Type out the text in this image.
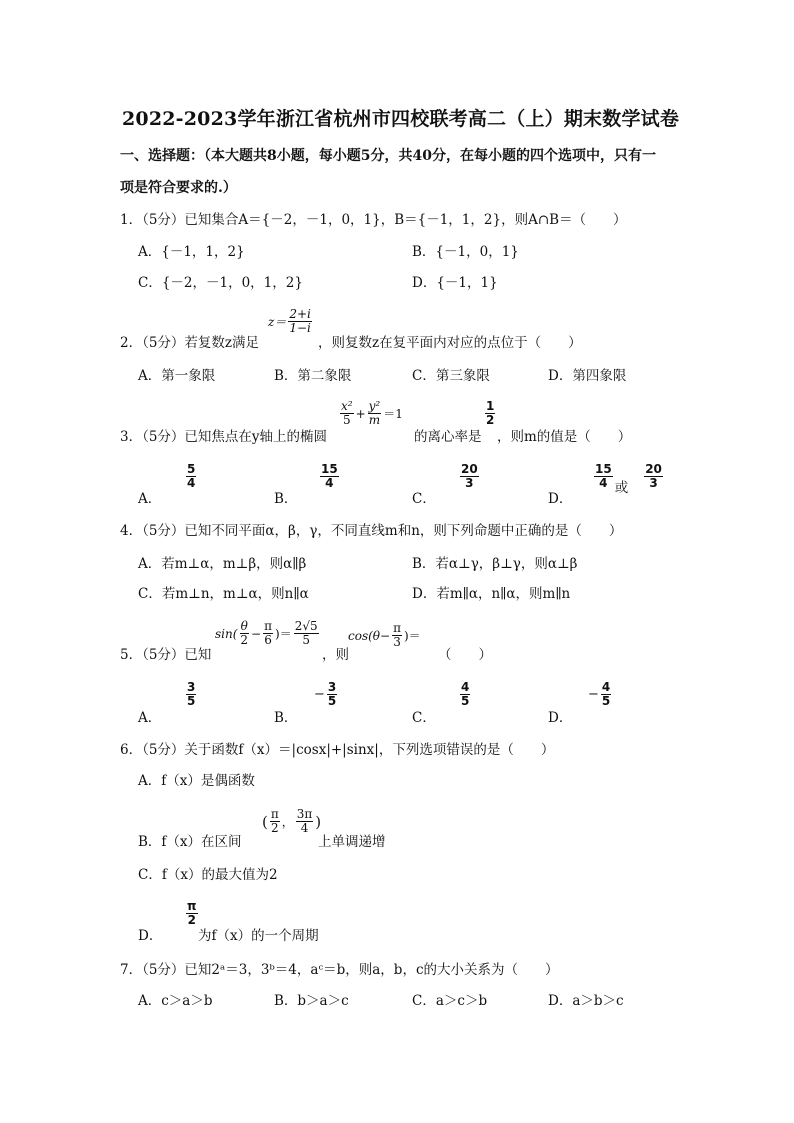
2022-2023学年浙江省杭州市四校联考高二（上）期末数学试卷
一、选择题：（本大题共8小题，每小题5分，共40分，在每小题的四个选项中，只有一
项是符合要求的.）
1．（5分）已知集合A＝{－2，－1，0，1}，B＝{－1，1，2}，则A∩B＝（　　）
A．{－1，1，2}	B．{－1，0，1}
C．{－2，－1，0，1，2}	D．{－1，1}
2．（5分）若复数z满足
$z= \frac{2+i}{1-i}$
，则复数z在复平面内对应的点位于（　　）
A．第一象限	B．第二象限	C．第三象限	D．第四象限
3．（5分）已知焦点在y轴上的椭圆
$\frac{\text{x²}}{5} + \frac{\text{y²}}{m} =1$
的离心率是
$\frac{1}{2}$
，则m的值是（　　）
A．
$\frac{5}{4}$
B．
$\frac{15}{4}$
C．
$\frac{20}{3}$
D．
$\frac{15}{4}$ 或 $\frac{20}{3}$
4．（5分）已知不同平面α，β，γ，不同直线m和n，则下列命题中正确的是（　　）
A．若m⊥α，m⊥β，则α∥β	B．若α⊥γ，β⊥γ，则α⊥β
C．若m⊥n，m⊥α，则n∥α	D．若m∥α，n∥α，则m∥n
5．（5分）已知
$\sin( \frac{\theta}{2} - \frac{\pi}{6}$ )＝ $\frac{2√5}{5}$
，则
$\cos(\theta- \frac{\pi}{3}$ )＝
（　　）
A．
$\frac{3}{5}$
B．
− $\frac{3}{5}$
C．
$\frac{4}{5}$
D．
− $\frac{4}{5}$
6．（5分）关于函数f（x）＝|cosx|+|sinx|，下列选项错误的是（　　）
A．f（x）是偶函数
B．f（x）在区间
( $\frac{\pi}{2}$ ， $\frac{3\pi}{4}$ )
上单调递增
C．f（x）的最大值为2
D．
$\frac{\pi}{2}$
为f（x）的一个周期
7．（5分）已知2ᵃ＝3，3ᵇ＝4，aᶜ＝b，则a，b，c的大小关系为（　　）
A．c＞a＞b	B．b＞a＞c	C．a＞c＞b	D．a＞b＞c
